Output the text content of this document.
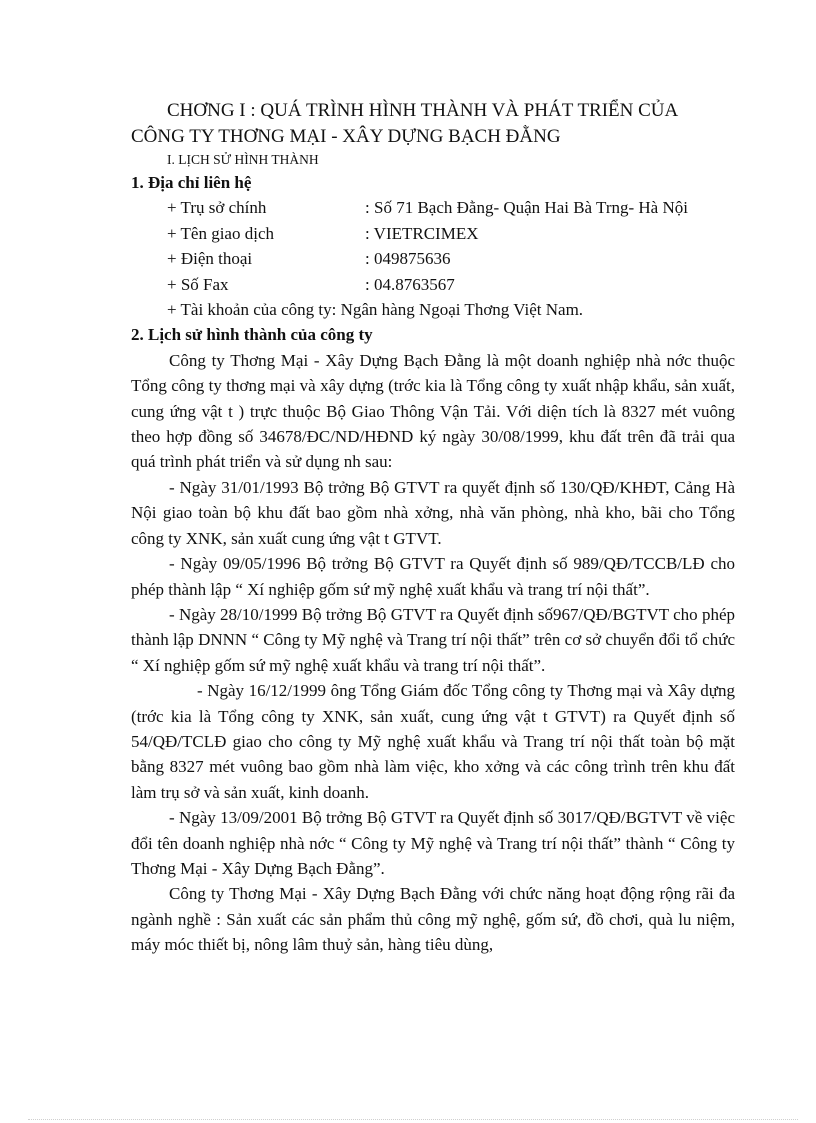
CHƠNG I : QUÁ TRÌNH HÌNH THÀNH VÀ PHÁT TRIỂN CỦA
CÔNG TY THƠNG MẠI - XÂY DỰNG BẠCH ĐẰNG
I. LỊCH SỬ HÌNH THÀNH
1. Địa chỉ liên hệ
+ Trụ sở chính	: Số 71 Bạch Đằng- Quận Hai Bà Trng- Hà Nội
+ Tên giao dịch	: VIETRCIMEX
+ Điện thoại	: 049875636
+ Số Fax	: 04.8763567
+ Tài khoản của công ty : Ngân hàng Ngoại Thơng Việt Nam.
2. Lịch sử hình thành của công ty

Công ty Thơng Mại - Xây Dựng Bạch Đằng là một doanh nghiệp nhà nớc thuộc Tổng công ty thơng mại và xây dựng (trớc kia là Tổng công ty xuất nhập khẩu, sản xuất, cung ứng vật t ) trực thuộc Bộ Giao Thông Vận Tải. Với diện tích là 8327 mét vuông theo hợp đồng số 34678/ĐC/ND/HĐND ký ngày 30/08/1999, khu đất trên đã trải qua quá trình phát triển và sử dụng nh sau:

- Ngày 31/01/1993 Bộ trởng Bộ GTVT ra quyết định số 130/QĐ/KHĐT, Cảng Hà Nội giao toàn bộ khu đất bao gồm nhà xởng, nhà văn phòng, nhà kho, bãi cho Tổng công ty XNK, sản xuất cung ứng vật t GTVT.

- Ngày 09/05/1996 Bộ trởng Bộ GTVT ra Quyết định số 989/QĐ/TCCB/LĐ cho phép thành lập “ Xí nghiệp gốm sứ mỹ nghệ xuất khẩu và trang trí nội thất”.

- Ngày 28/10/1999 Bộ trởng Bộ GTVT ra Quyết định số967/QĐ/BGTVT cho phép thành lập DNNN “ Công ty Mỹ nghệ và Trang trí nội thất” trên cơ sở chuyển đổi tổ chức “ Xí nghiệp gốm sứ mỹ nghệ xuất khẩu và trang trí nội thất”.

- Ngày 16/12/1999 ông Tổng Giám đốc Tổng công ty Thơng mại và Xây dựng (trớc kia là Tổng công ty XNK, sản xuất, cung ứng vật t GTVT) ra Quyết định số 54/QĐ/TCLĐ giao cho công ty Mỹ nghệ xuất khẩu và Trang trí nội thất toàn bộ mặt bằng 8327 mét vuông bao gồm nhà làm việc, kho xởng và các công trình trên khu đất làm trụ sở và sản xuất, kinh doanh.

- Ngày 13/09/2001 Bộ trởng Bộ GTVT ra Quyết định số 3017/QĐ/BGTVT về việc đổi tên doanh nghiệp nhà nớc “ Công ty Mỹ nghệ và Trang trí nội thất” thành “ Công ty Thơng Mại - Xây Dựng Bạch Đằng”.

Công ty Thơng Mại - Xây Dựng Bạch Đằng với chức năng hoạt động rộng rãi đa ngành nghề : Sản xuất các sản phẩm thủ công mỹ nghệ, gốm sứ, đồ chơi, quà lu niệm, máy móc thiết bị, nông lâm thuỷ sản, hàng tiêu dùng,
